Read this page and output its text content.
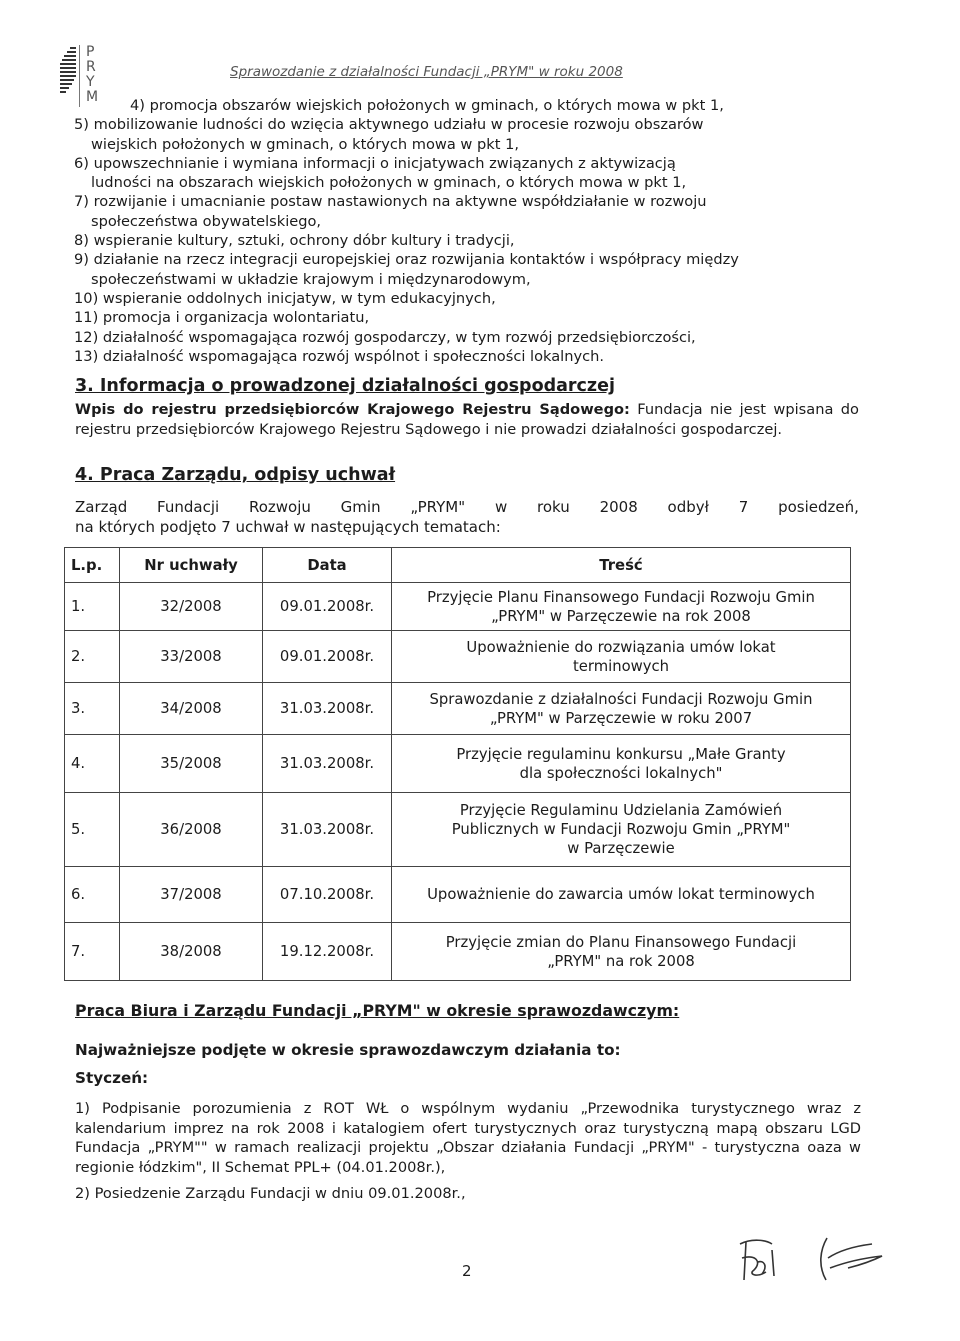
P
R
Y
M
Sprawozdanie z działalności Fundacji „PRYM" w roku 2008
4) promocja obszarów wiejskich położonych w gminach, o których mowa w pkt 1,
5) mobilizowanie ludności do wzięcia aktywnego udziału w procesie rozwoju obszarów
wiejskich położonych w gminach, o których mowa w pkt 1,
6) upowszechnianie i wymiana informacji o inicjatywach związanych z aktywizacją
ludności na obszarach wiejskich położonych w gminach, o których mowa w pkt 1,
7) rozwijanie i umacnianie postaw nastawionych na aktywne współdziałanie w rozwoju
społeczeństwa obywatelskiego,
8) wspieranie kultury, sztuki, ochrony dóbr kultury i tradycji,
9) działanie na rzecz integracji europejskiej oraz rozwijania kontaktów i współpracy między
społeczeństwami w układzie krajowym i międzynarodowym,
10) wspieranie oddolnych inicjatyw, w tym edukacyjnych,
11) promocja i organizacja wolontariatu,
12) działalność wspomagająca rozwój gospodarczy, w tym rozwój przedsiębiorczości,
13) działalność wspomagająca rozwój wspólnot i społeczności lokalnych.
3. Informacja o prowadzonej działalności gospodarczej
Wpis do rejestru przedsiębiorców Krajowego Rejestru Sądowego: Fundacja nie jest wpisana do rejestru przedsiębiorców Krajowego Rejestru Sądowego i nie prowadzi działalności gospodarczej.
4. Praca Zarządu, odpisy uchwał
Zarząd Fundacji Rozwoju Gmin „PRYM" w roku 2008 odbył 7 posiedzeń,
na których podjęto 7 uchwał w następujących tematach:
L.p.	Nr uchwały	Data	Treść
1.	32/2008	09.01.2008r.	Przyjęcie Planu Finansowego Fundacji Rozwoju Gmin
„PRYM" w Parzęczewie na rok 2008

2.	33/2008	09.01.2008r.	Upoważnienie do rozwiązania umów lokat
terminowych

3.	34/2008	31.03.2008r.	Sprawozdanie z działalności Fundacji Rozwoju Gmin
„PRYM" w Parzęczewie w roku 2007

4.	35/2008	31.03.2008r.	Przyjęcie regulaminu konkursu „Małe Granty
dla społeczności lokalnych"

5.	36/2008	31.03.2008r.	Przyjęcie Regulaminu Udzielania Zamówień
Publicznych w Fundacji Rozwoju Gmin „PRYM"
w Parzęczewie

6.	37/2008	07.10.2008r.	Upoważnienie do zawarcia umów lokat terminowych

7.	38/2008	19.12.2008r.	Przyjęcie zmian do Planu Finansowego Fundacji
„PRYM" na rok 2008
Praca Biura i Zarządu Fundacji „PRYM" w okresie sprawozdawczym:
Najważniejsze podjęte w okresie sprawozdawczym działania to:
Styczeń:
1) Podpisanie porozumienia z ROT WŁ o wspólnym wydaniu „Przewodnika turystycznego wraz z kalendarium imprez na rok 2008 i katalogiem ofert turystycznych oraz turystyczną mapą obszaru LGD Fundacja „PRYM"" w ramach realizacji projektu „Obszar działania Fundacji „PRYM" - turystyczna oaza w regionie łódzkim", II Schemat PPL+ (04.01.2008r.),
2) Posiedzenie Zarządu Fundacji w dniu 09.01.2008r.,
2
